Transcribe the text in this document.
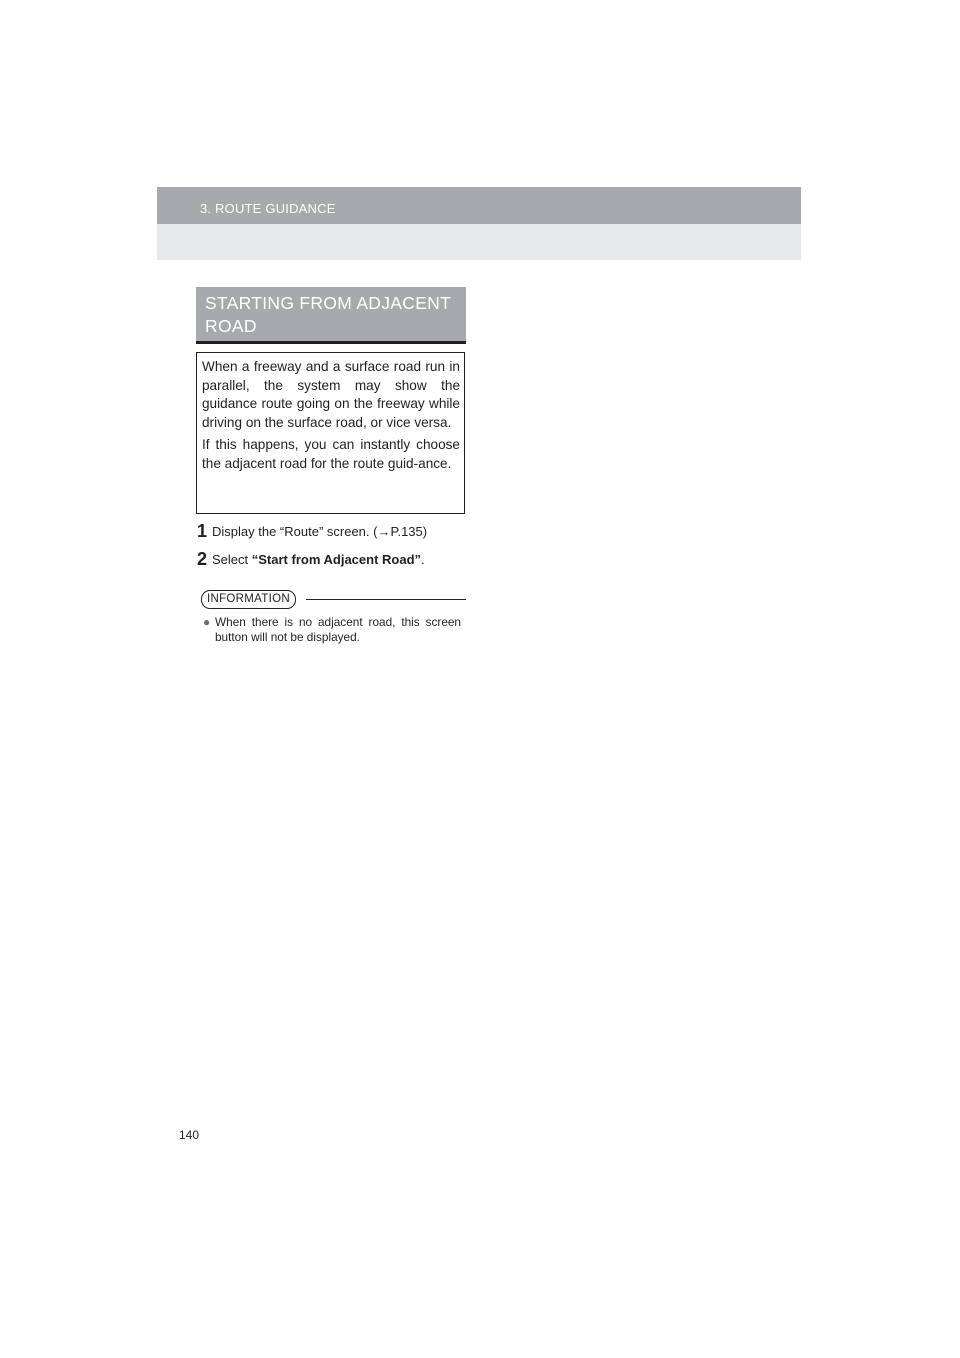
3. ROUTE GUIDANCE
STARTING FROM ADJACENT ROAD

When a freeway and a surface road run in parallel, the system may show the guidance route going on the freeway while driving on the surface road, or vice versa.

If this happens, you can instantly choose the adjacent road for the route guid-ance.

1 Display the “Route” screen. (→P.135)
2 Select “Start from Adjacent Road”.
INFORMATION
● When there is no adjacent road, this screen button will not be displayed.
140
